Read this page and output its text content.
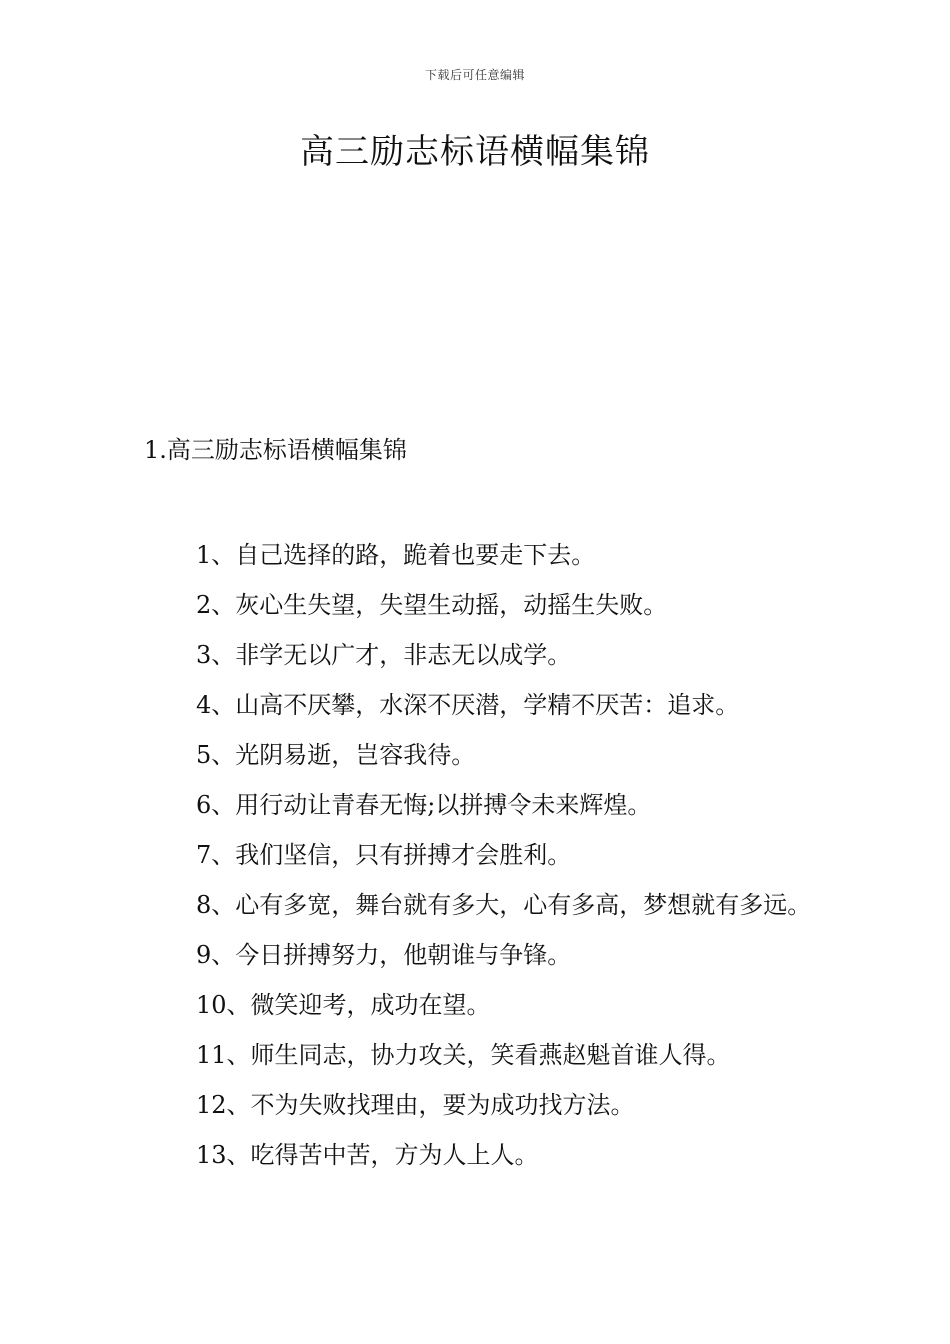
下载后可任意编辑
高三励志标语横幅集锦
1.高三励志标语横幅集锦
1、自己选择的路，跪着也要走下去。
2、灰心生失望，失望生动摇，动摇生失败。
3、非学无以广才，非志无以成学。
4、山高不厌攀，水深不厌潜，学精不厌苦：追求。
5、光阴易逝，岂容我待。
6、用行动让青春无悔;以拼搏令未来辉煌。
7、我们坚信，只有拼搏才会胜利。
8、心有多宽，舞台就有多大，心有多高，梦想就有多远。
9、今日拼搏努力，他朝谁与争锋。
10、微笑迎考，成功在望。
11、师生同志，协力攻关，笑看燕赵魁首谁人得。
12、不为失败找理由，要为成功找方法。
13、吃得苦中苦，方为人上人。
